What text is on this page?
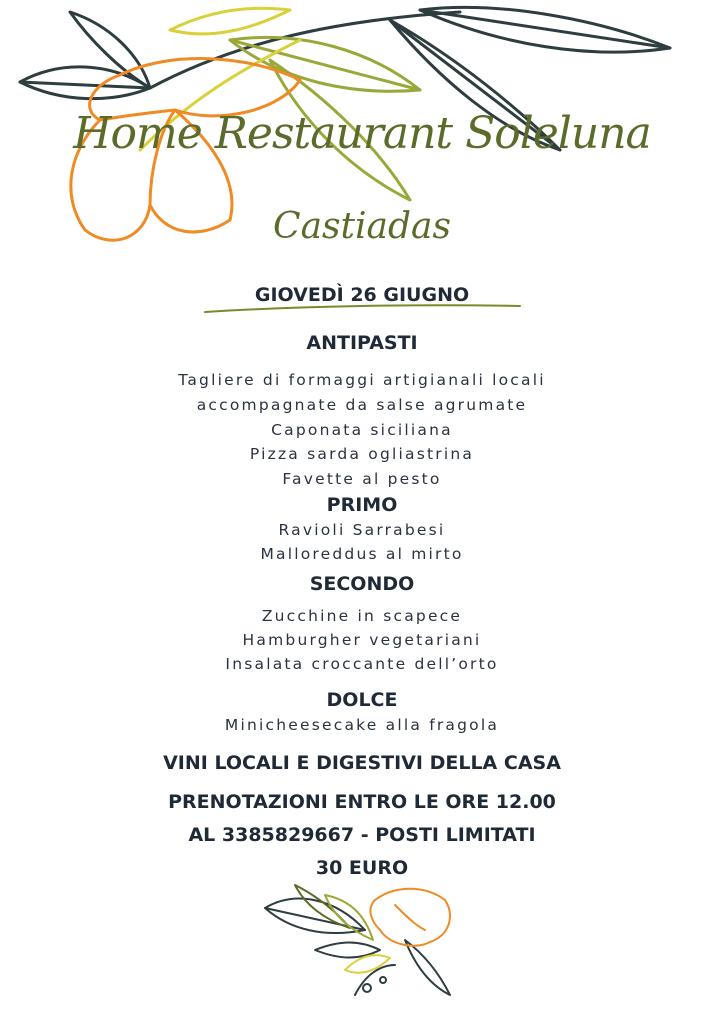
Home Restaurant Soleluna
Castiadas
GIOVEDÌ 26 GIUGNO
ANTIPASTI
Tagliere di formaggi artigianali locali
accompagnate da salse agrumate
Caponata siciliana
Pizza sarda ogliastrina
Favette al pesto
PRIMO
Ravioli Sarrabesi
Malloreddus al mirto
SECONDO
Zucchine in scapece
Hamburgher vegetariani
Insalata croccante dell’orto
DOLCE
Minicheesecake alla fragola
VINI LOCALI E DIGESTIVI DELLA CASA
PRENOTAZIONI ENTRO LE ORE 12.00
AL 3385829667 - POSTI LIMITATI
30 EURO
